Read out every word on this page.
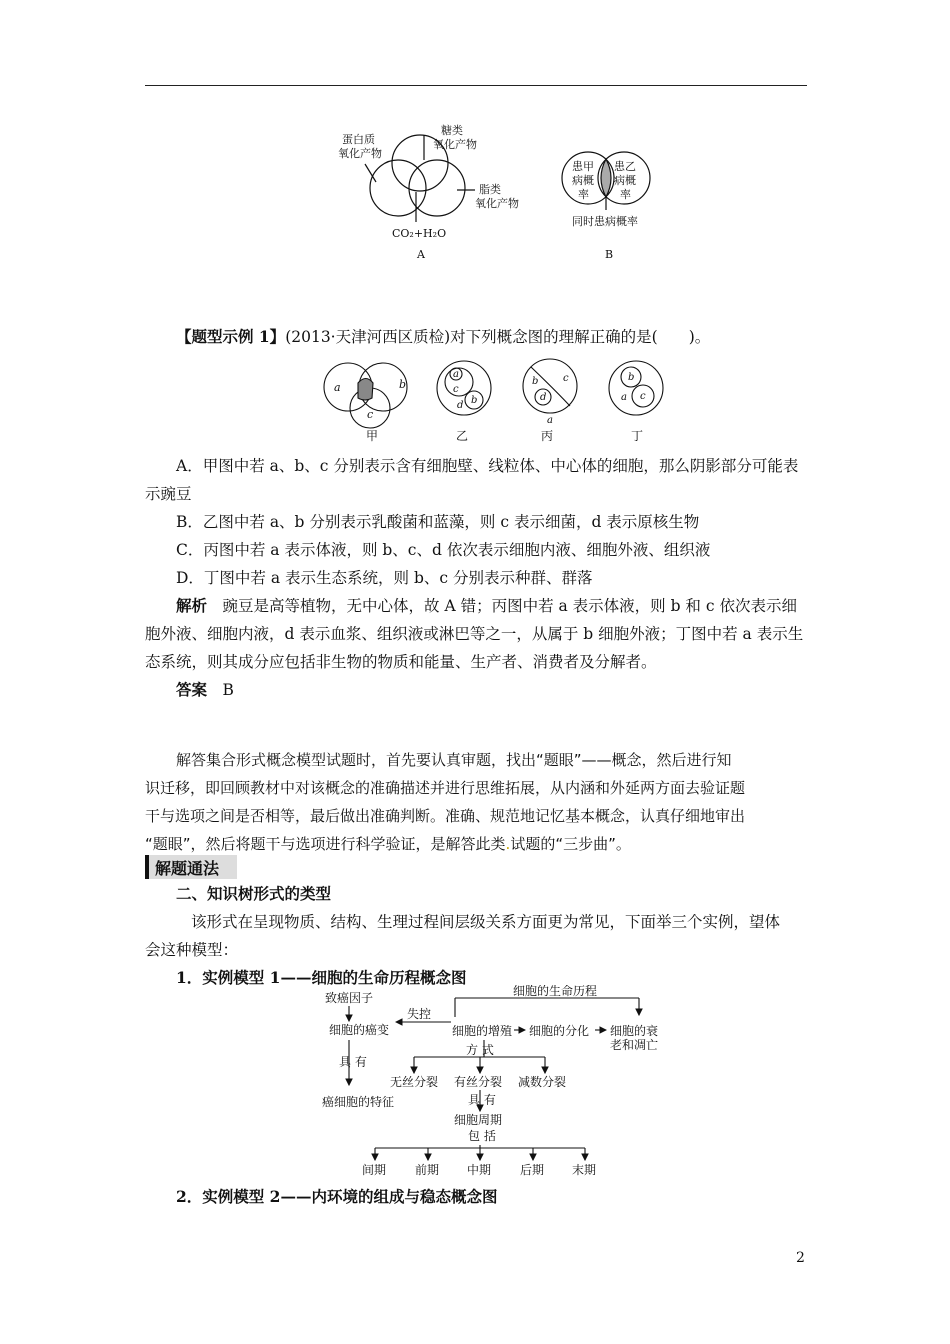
蛋白质
氧化产物
糖类
氧化产物
脂类
氧化产物
CO₂+H₂O
A
患甲
病概
率
患乙
病概
率
同时患病概率
B
【题型示例 1】(2013·天津河西区质检)对下列概念图的理解正确的是(　　)。
a	b
c
a
c
d b
b c
d
a
b
a c
甲	乙	丙	丁

A．甲图中若 a、b、c 分别表示含有细胞壁、线粒体、中心体的细胞，那么阴影部分可能表

示豌豆

B．乙图中若 a、b 分别表示乳酸菌和蓝藻，则 c 表示细菌，d 表示原核生物

C．丙图中若 a 表示体液，则 b、c、d 依次表示细胞内液、细胞外液、组织液

D．丁图中若 a 表示生态系统，则 b、c 分别表示种群、群落

解析　豌豆是高等植物，无中心体，故 A 错；丙图中若 a 表示体液，则 b 和 c 依次表示细

胞外液、细胞内液，d 表示血浆、组织液或淋巴等之一，从属于 b 细胞外液；丁图中若 a 表示生

态系统，则其成分应包括非生物的物质和能量、生产者、消费者及分解者。

答案　 B

解答集合形式概念模型试题时，首先要认真审题，找出“题眼”——概念，然后进行知

识迁移，即回顾教材中对该概念的准确描述并进行思维拓展，从内涵和外延两方面去验证题

干与选项之间是否相等，最后做出准确判断。准确、规范地记忆基本概念，认真仔细地审出

“题眼”，然后将题干与选项进行科学验证，是解答此类.试题的“三步曲”。

解题通法

二、知识树形式的类型

该形式在呈现物质、结构、生理过程间层级关系方面更为常见，下面举三个实例，望体

会这种模型：

1．实例模型 1——细胞的生命历程概念图

致癌因子
细胞的癌变
失控
具 有
癌细胞的特征
细胞的生命历程
细胞的增殖 细胞的分化 细胞的衰
老和凋亡
方 式
无丝分裂 有丝分裂 减数分裂
具 有
细胞周期
包 括
间期 前期 中期 后期 末期
2．实例模型 2——内环境的组成与稳态概念图
2
